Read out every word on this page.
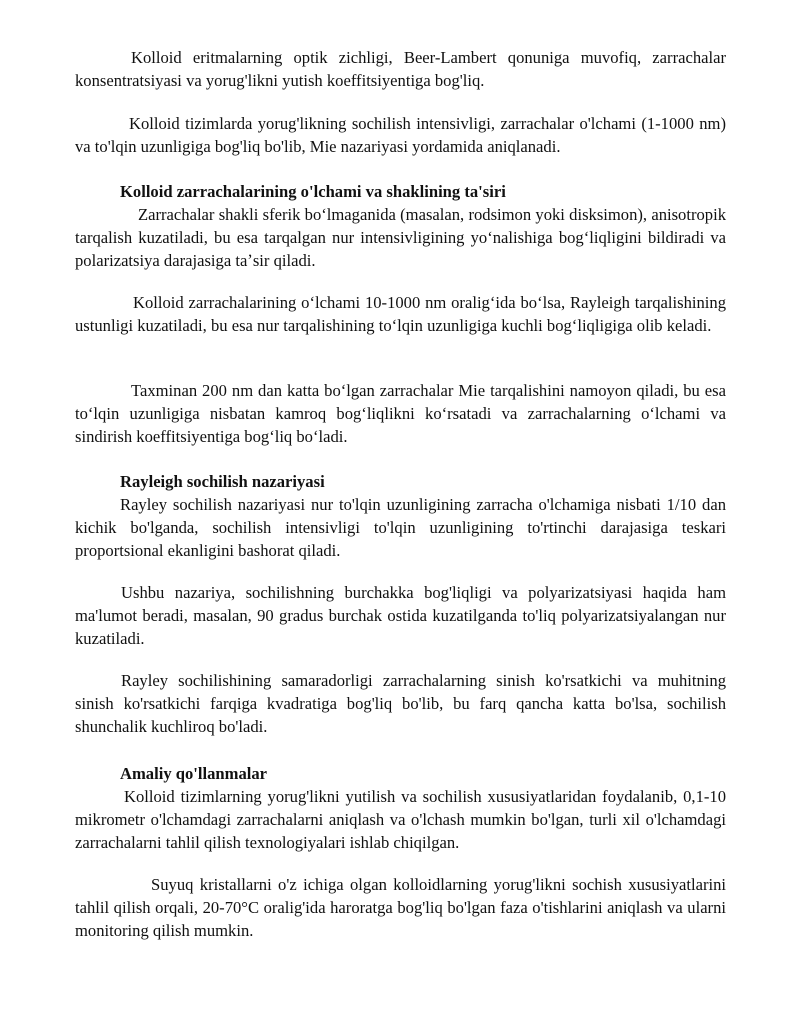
Kolloid eritmalarning optik zichligi, Beer-Lambert qonuniga muvofiq, zarrachalar konsentratsiyasi va yorug'likni yutish koeffitsiyentiga bog'liq.

Kolloid tizimlarda yorug'likning sochilish intensivligi, zarrachalar o'lchami (1-1000 nm) va to'lqin uzunligiga bog'liq bo'lib, Mie nazariyasi yordamida aniqlanadi.

Kolloid zarrachalarining o'lchami va shaklining ta'siri

Zarrachalar shakli sferik boʻlmaganida (masalan, rodsimon yoki disksimon), anisotropik tarqalish kuzatiladi, bu esa tarqalgan nur intensivligining yoʻnalishiga bogʻliqligini bildiradi va polarizatsiya darajasiga taʼsir qiladi.

Kolloid zarrachalarining oʻlchami 10-1000 nm oraligʻida boʻlsa, Rayleigh tarqalishining ustunligi kuzatiladi, bu esa nur tarqalishining toʻlqin uzunligiga kuchli bogʻliqligiga olib keladi.

Taxminan 200 nm dan katta boʻlgan zarrachalar Mie tarqalishini namoyon qiladi, bu esa toʻlqin uzunligiga nisbatan kamroq bogʻliqlikni koʻrsatadi va zarrachalarning oʻlchami va sindirish koeffitsiyentiga bogʻliq boʻladi.

Rayleigh sochilish nazariyasi

Rayley sochilish nazariyasi nur to'lqin uzunligining zarracha o'lchamiga nisbati 1/10 dan kichik bo'lganda, sochilish intensivligi to'lqin uzunligining to'rtinchi darajasiga teskari proportsional ekanligini bashorat qiladi.

Ushbu nazariya, sochilishning burchakka bog'liqligi va polyarizatsiyasi haqida ham ma'lumot beradi, masalan, 90 gradus burchak ostida kuzatilganda to'liq polyarizatsiyalangan nur kuzatiladi.

Rayley sochilishining samaradorligi zarrachalarning sinish ko'rsatkichi va muhitning sinish ko'rsatkichi farqiga kvadratiga bog'liq bo'lib, bu farq qancha katta bo'lsa, sochilish shunchalik kuchliroq bo'ladi.

Amaliy qo'llanmalar

Kolloid tizimlarning yorug'likni yutilish va sochilish xususiyatlaridan foydalanib, 0,1-10 mikrometr o'lchamdagi zarrachalarni aniqlash va o'lchash mumkin bo'lgan, turli xil o'lchamdagi zarrachalarni tahlil qilish texnologiyalari ishlab chiqilgan.

Suyuq kristallarni o'z ichiga olgan kolloidlarning yorug'likni sochish xususiyatlarini tahlil qilish orqali, 20-70°C oralig'ida haroratga bog'liq bo'lgan faza o'tishlarini aniqlash va ularni monitoring qilish mumkin.
